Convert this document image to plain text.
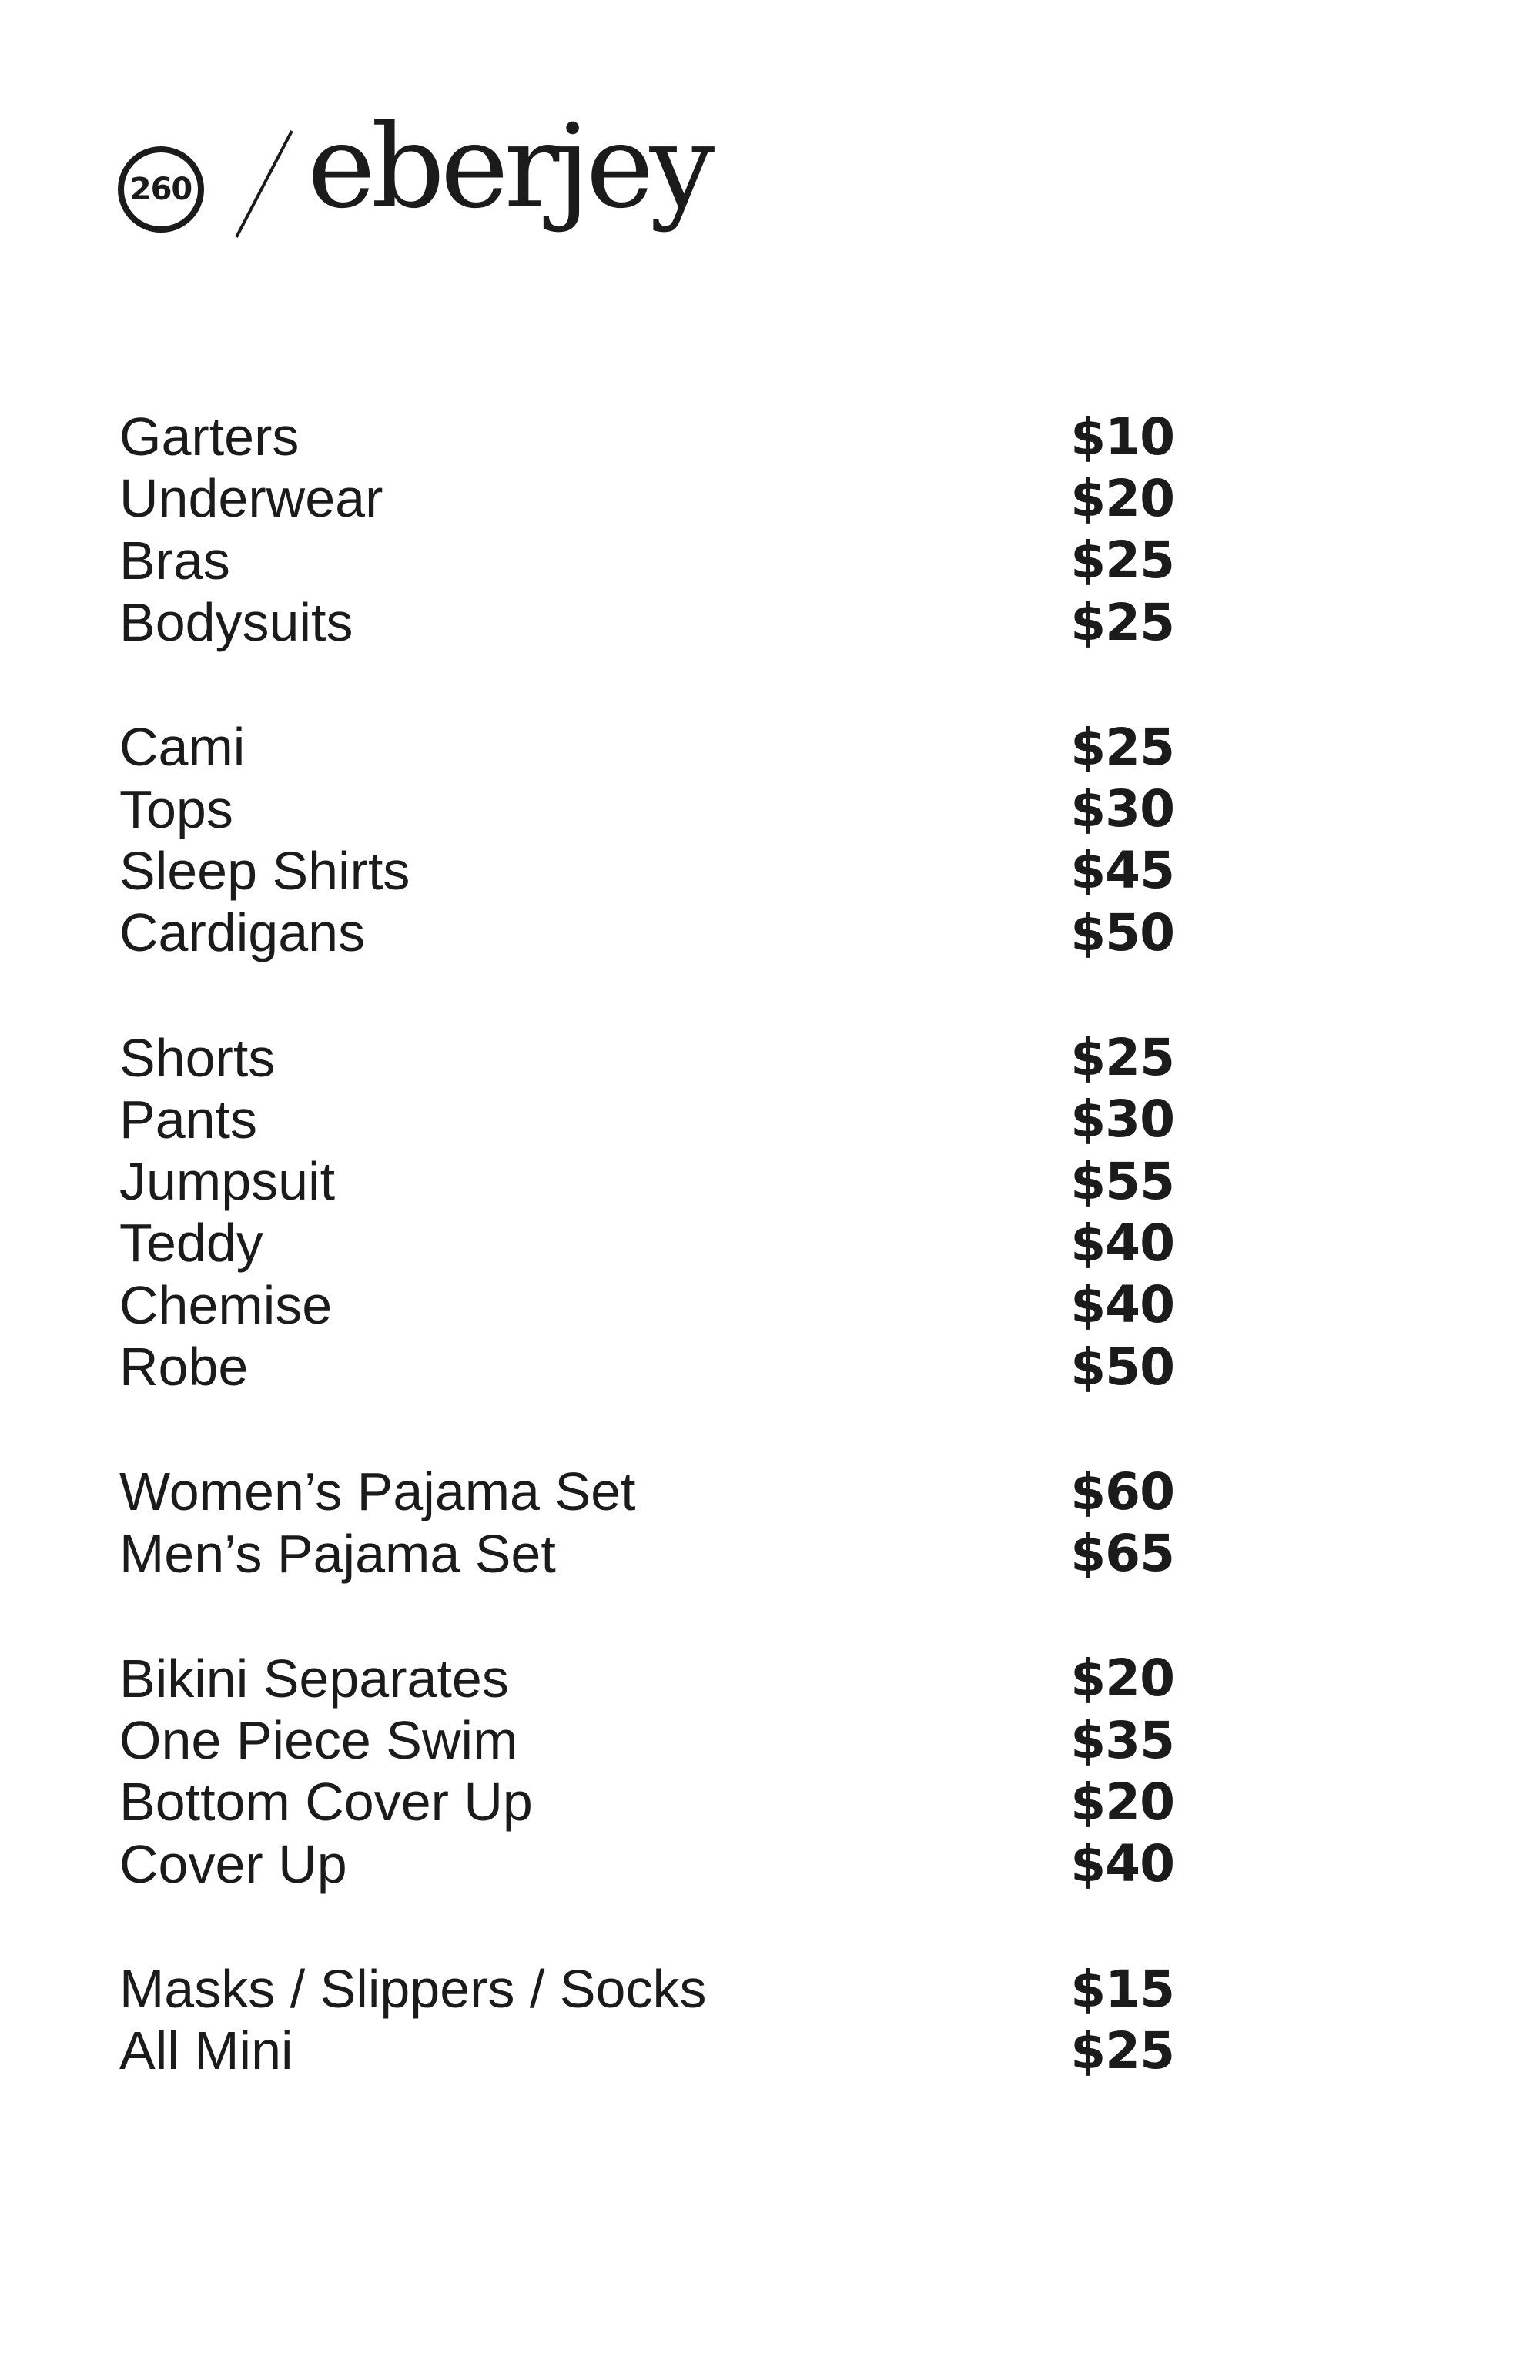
260 eberjey
Garters	$10
Underwear	$20
Bras	$25
Bodysuits	$25
Cami	$25
Tops	$30
Sleep Shirts	$45
Cardigans	$50
Shorts	$25
Pants	$30
Jumpsuit	$55
Teddy	$40
Chemise	$40
Robe	$50
Women’s Pajama Set	$60
Men’s Pajama Set	$65
Bikini Separates	$20
One Piece Swim	$35
Bottom Cover Up	$20
Cover Up	$40
Masks / Slippers / Socks	$15
All Mini	$25
